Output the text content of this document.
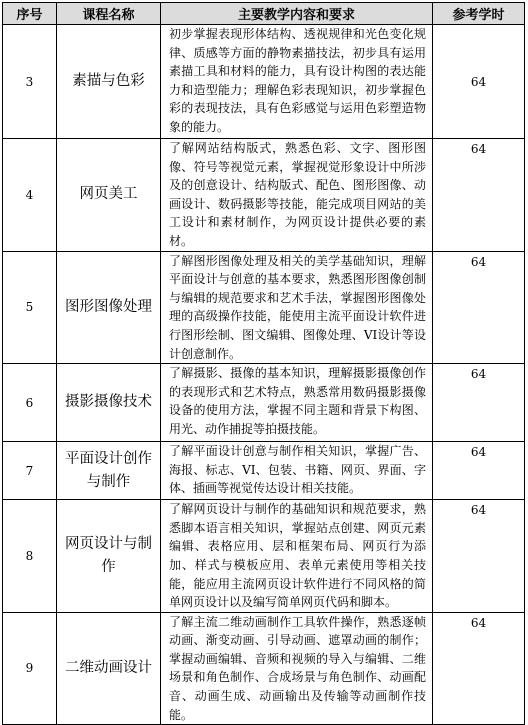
序号	课程名称	主要教学内容和要求	参考学时
3	素描与色彩	初步掌握表现形体结构、透视规律和光色变化规律、质感等方面的静物素描技法，初步具有运用素描工具和材料的能力，具有设计构图的表达能力和造型能力；理解色彩表现知识，初步掌握色彩的表现技法，具有色彩感觉与运用色彩塑造物象的能力。	64
4	网页美工	了解网站结构版式，熟悉色彩、文字、图形图像、符号等视觉元素，掌握视觉形象设计中所涉及的创意设计、结构版式、配色、图形图像、动画设计、数码摄影等技能，能完成项目网站的美工设计和素材制作，为网页设计提供必要的素材。	64
5	图形图像处理	了解图形图像处理及相关的美学基础知识，理解平面设计与创意的基本要求，熟悉图形图像创制与编辑的规范要求和艺术手法，掌握图形图像处理的高级操作技能，能使用主流平面设计软件进行图形绘制、图文编辑、图像处理、VI设计等设计创意制作。	64
6	摄影摄像技术	了解摄影、摄像的基本知识，理解摄影摄像创作的表现形式和艺术特点，熟悉常用数码摄影摄像设备的使用方法，掌握不同主题和背景下构图、用光、动作捕捉等拍摄技能。	64
7	平面设计创作与制作	了解平面设计创意与制作相关知识，掌握广告、海报、标志、VI、包装、书籍、网页、界面、字体、插画等视觉传达设计相关技能。	64
8	网页设计与制作	了解网页设计与制作的基础知识和规范要求，熟悉脚本语言相关知识，掌握站点创建、网页元素编辑、表格应用、层和框架布局、网页行为添加、样式与模板应用、表单元素使用等相关技能，能应用主流网页设计软件进行不同风格的简单网页设计以及编写简单网页代码和脚本。	64
9	二维动画设计	了解主流二维动画制作工具软件操作，熟悉逐帧动画、渐变动画、引导动画、遮罩动画的制作；掌握动画编辑、音频和视频的导入与编辑、二维场景和角色制作、合成场景与角色制作、动画配音、动画生成、动画输出及传输等动画制作技能。	64
